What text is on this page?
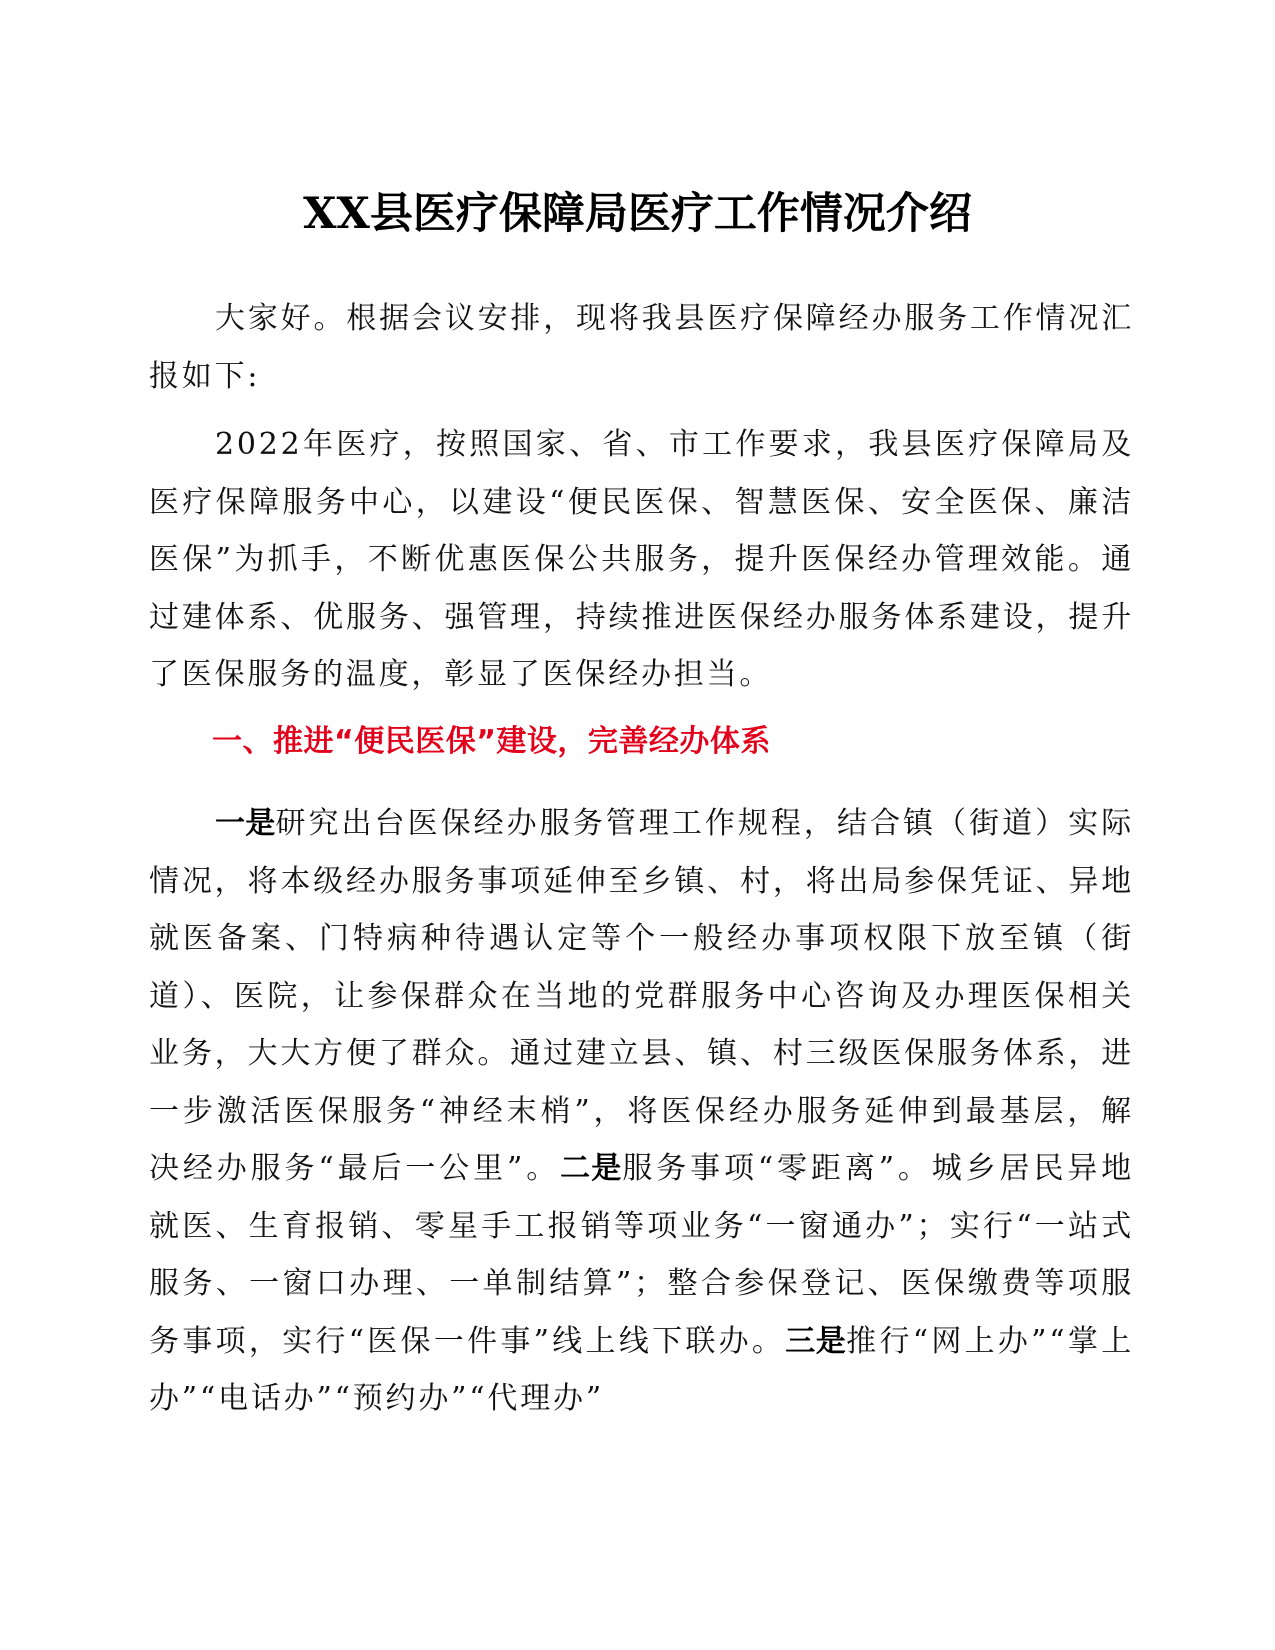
XX县医疗保障局医疗工作情况介绍

大家好。根据会议安排，现将我县医疗保障经办服务工作情况汇报如下:

2022年医疗，按照国家、省、市工作要求，我县医疗保障局及医疗保障服务中心，以建设“便民医保、智慧医保、安全医保、廉洁医保”为抓手，不断优惠医保公共服务，提升医保经办管理效能。通过建体系、优服务、强管理，持续推进医保经办服务体系建设，提升了医保服务的温度，彰显了医保经办担当。

一、推进“便民医保”建设，完善经办体系

一是研究出台医保经办服务管理工作规程，结合镇（街道）实际情况，将本级经办服务事项延伸至乡镇、村，将出局参保凭证、异地就医备案、门特病种待遇认定等个一般经办事项权限下放至镇（街道）、医院，让参保群众在当地的党群服务中心咨询及办理医保相关业务，大大方便了群众。通过建立县、镇、村三级医保服务体系，进一步激活医保服务“神经末梢”，将医保经办服务延伸到最基层，解决经办服务“最后一公里”。二是服务事项“零距离”。城乡居民异地就医、生育报销、零星手工报销等项业务“一窗通办”；实行“一站式服务、一窗口办理、一单制结算”；整合参保登记、医保缴费等项服务事项，实行“医保一件事”线上线下联办。三是推行“网上办”“掌上办”“电话办”“预约办”“代理办”
